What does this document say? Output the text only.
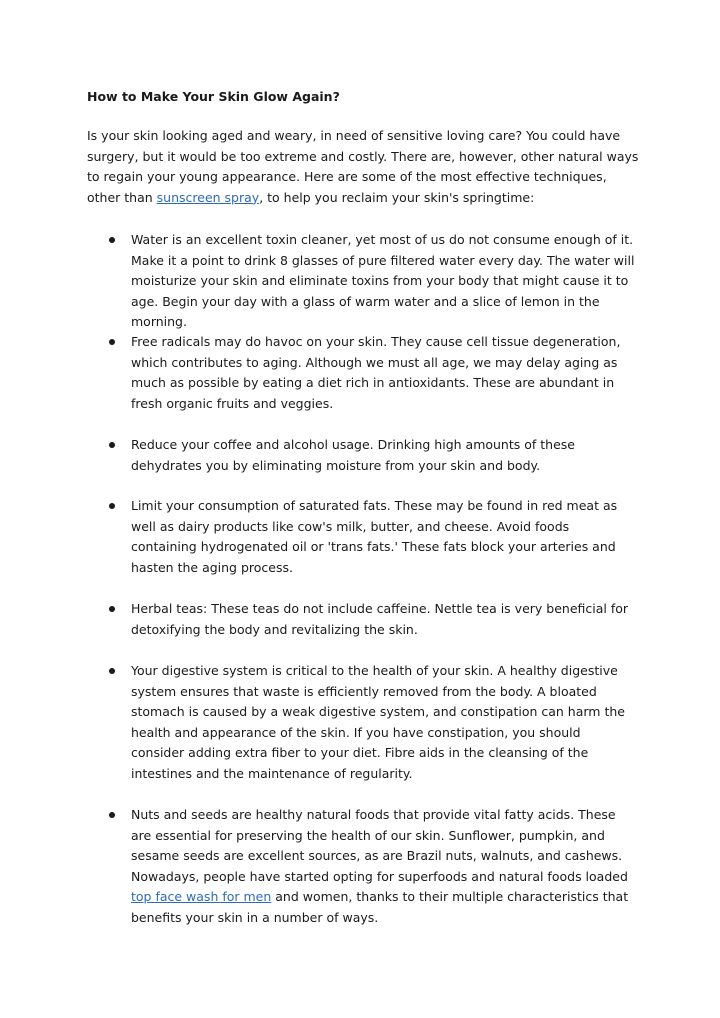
How to Make Your Skin Glow Again?

Is your skin looking aged and weary, in need of sensitive loving care? You could have surgery, but it would be too extreme and costly. There are, however, other natural ways to regain your young appearance. Here are some of the most effective techniques, other than sunscreen spray, to help you reclaim your skin's springtime:

Water is an excellent toxin cleaner, yet most of us do not consume enough of it. Make it a point to drink 8 glasses of pure filtered water every day. The water will moisturize your skin and eliminate toxins from your body that might cause it to age. Begin your day with a glass of warm water and a slice of lemon in the morning.
Free radicals may do havoc on your skin. They cause cell tissue degeneration, which contributes to aging. Although we must all age, we may delay aging as much as possible by eating a diet rich in antioxidants. These are abundant in fresh organic fruits and veggies.
Reduce your coffee and alcohol usage. Drinking high amounts of these dehydrates you by eliminating moisture from your skin and body.
Limit your consumption of saturated fats. These may be found in red meat as well as dairy products like cow's milk, butter, and cheese. Avoid foods containing hydrogenated oil or 'trans fats.' These fats block your arteries and hasten the aging process.
Herbal teas: These teas do not include caffeine. Nettle tea is very beneficial for detoxifying the body and revitalizing the skin.
Your digestive system is critical to the health of your skin. A healthy digestive system ensures that waste is efficiently removed from the body. A bloated stomach is caused by a weak digestive system, and constipation can harm the health and appearance of the skin. If you have constipation, you should consider adding extra fiber to your diet. Fibre aids in the cleansing of the intestines and the maintenance of regularity.
Nuts and seeds are healthy natural foods that provide vital fatty acids. These are essential for preserving the health of our skin. Sunflower, pumpkin, and sesame seeds are excellent sources, as are Brazil nuts, walnuts, and cashews. Nowadays, people have started opting for superfoods and natural foods loaded top face wash for men and women, thanks to their multiple characteristics that benefits your skin in a number of ways.
